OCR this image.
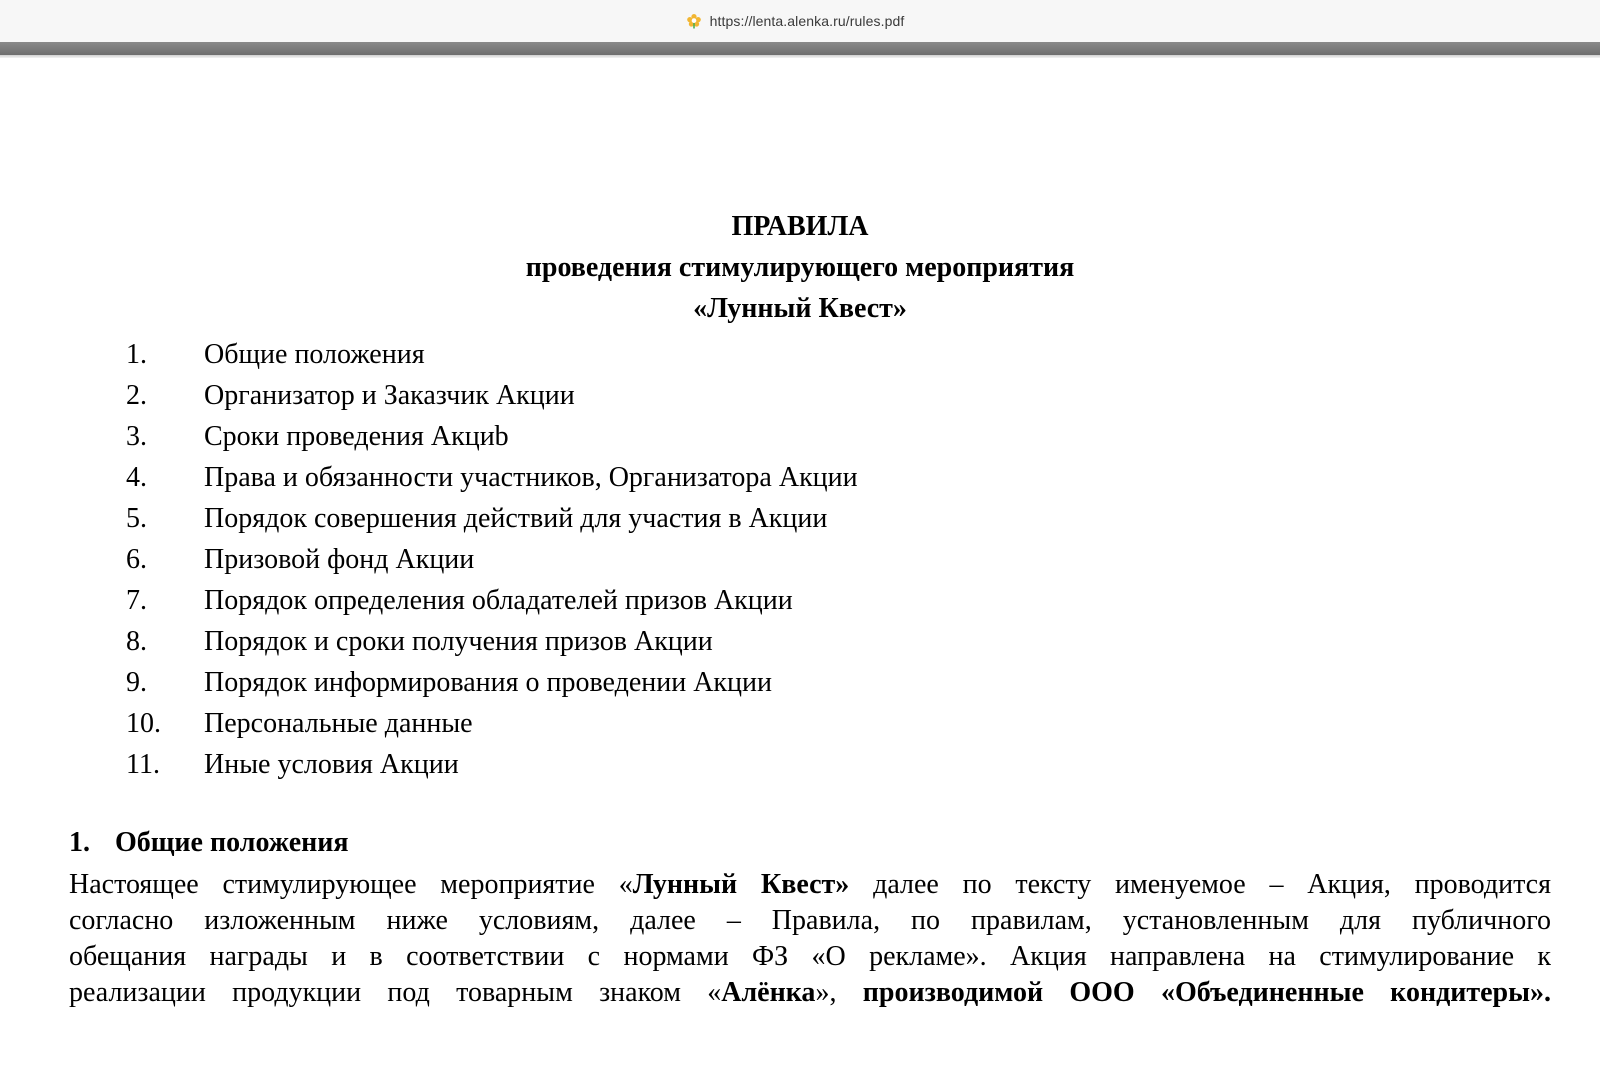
https://lenta.alenka.ru/rules.pdf
ПРАВИЛА
проведения стимулирующего мероприятия
«Лунный Квест»
1.	Общие положения
2.	Организатор и Заказчик Акции
3.	Сроки проведения Акциb
4.	Права и обязанности участников, Организатора Акции
5.	Порядок совершения действий для участия в Акции
6.	Призовой фонд Акции
7.	Порядок определения обладателей призов Акции
8.	Порядок и сроки получения призов Акции
9.	Порядок информирования о проведении Акции
10.	Персональные данные
11.	Иные условия Акции
1. Общие положения
Настоящее стимулирующее мероприятие «Лунный Квест» далее по тексту именуемое – Акция, проводится
согласно изложенным ниже условиям, далее – Правила, по правилам, установленным для публичного
обещания награды и в соответствии с нормами ФЗ «О рекламе». Акция направлена на стимулирование к
реализации продукции под товарным знаком «Алёнка», производимой ООО «Объединенные кондитеры».
